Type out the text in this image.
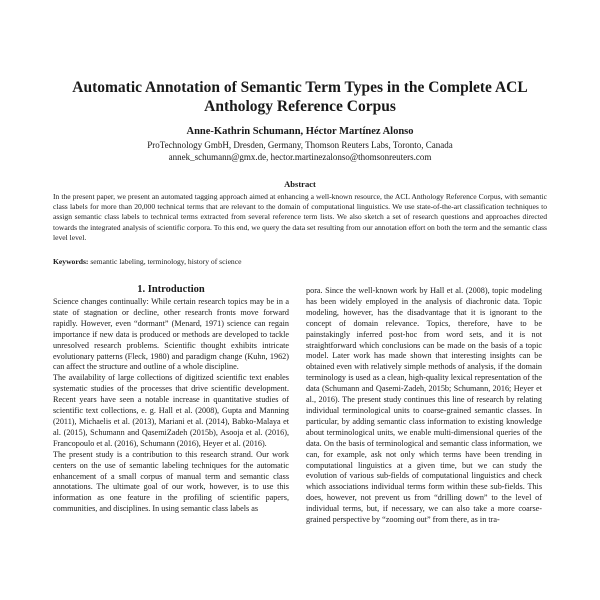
Automatic Annotation of Semantic Term Types in the Complete ACL Anthology Reference Corpus
Anne-Kathrin Schumann, Héctor Martínez Alonso
ProTechnology GmbH, Dresden, Germany, Thomson Reuters Labs, Toronto, Canada
annek_schumann@gmx.de, hector.martinezalonso@thomsonreuters.com
Abstract
In the present paper, we present an automated tagging approach aimed at enhancing a well-known resource, the ACL Anthology Reference Corpus, with semantic class labels for more than 20,000 technical terms that are relevant to the domain of computational linguistics. We use state-of-the-art classification techniques to assign semantic class labels to technical terms extracted from several reference term lists. We also sketch a set of research questions and approaches directed towards the integrated analysis of scientific corpora. To this end, we query the data set resulting from our annotation effort on both the term and the semantic class level level.
Keywords: semantic labeling, terminology, history of science
1. Introduction

Science changes continually: While certain research topics may be in a state of stagnation or decline, other research fronts move forward rapidly. However, even “dormant” (Menard, 1971) science can regain importance if new data is produced or methods are developed to tackle unresolved research problems. Scientific thought exhibits intricate evolutionary patterns (Fleck, 1980) and paradigm change (Kuhn, 1962) can affect the structure and outline of a whole discipline.

The availability of large collections of digitized scientific text enables systematic studies of the processes that drive scientific development. Recent years have seen a notable increase in quantitative studies of scientific text collections, e. g. Hall et al. (2008), Gupta and Manning (2011), Michaelis et al. (2013), Mariani et al. (2014), Babko-Malaya et al. (2015), Schumann and QasemiZadeh (2015b), Asooja et al. (2016), Francopoulo et al. (2016), Schumann (2016), Heyer et al. (2016).

The present study is a contribution to this research strand. Our work centers on the use of semantic labeling techniques for the automatic enhancement of a small corpus of manual term and semantic class annotations. The ultimate goal of our work, however, is to use this information as one feature in the profiling of scientific papers, communities, and disciplines. In using semantic class labels as

pora. Since the well-known work by Hall et al. (2008), topic modeling has been widely employed in the analysis of diachronic data. Topic modeling, however, has the disadvantage that it is ignorant to the concept of domain relevance. Topics, therefore, have to be painstakingly inferred post-hoc from word sets, and it is not straightforward which conclusions can be made on the basis of a topic model. Later work has made shown that interesting insights can be obtained even with relatively simple methods of analysis, if the domain terminology is used as a clean, high-quality lexical representation of the data (Schumann and Qasemi-Zadeh, 2015b; Schumann, 2016; Heyer et al., 2016). The present study continues this line of research by relating individual terminological units to coarse-grained semantic classes. In particular, by adding semantic class information to existing knowledge about terminological units, we enable multi-dimensional queries of the data. On the basis of terminological and semantic class information, we can, for example, ask not only which terms have been trending in computational linguistics at a given time, but we can study the evolution of various sub-fields of computational linguistics and check which associations individual terms form within these sub-fields. This does, however, not prevent us from “drilling down” to the level of individual terms, but, if necessary, we can also take a more coarse-grained perspective by “zooming out” from there, as in tra-
